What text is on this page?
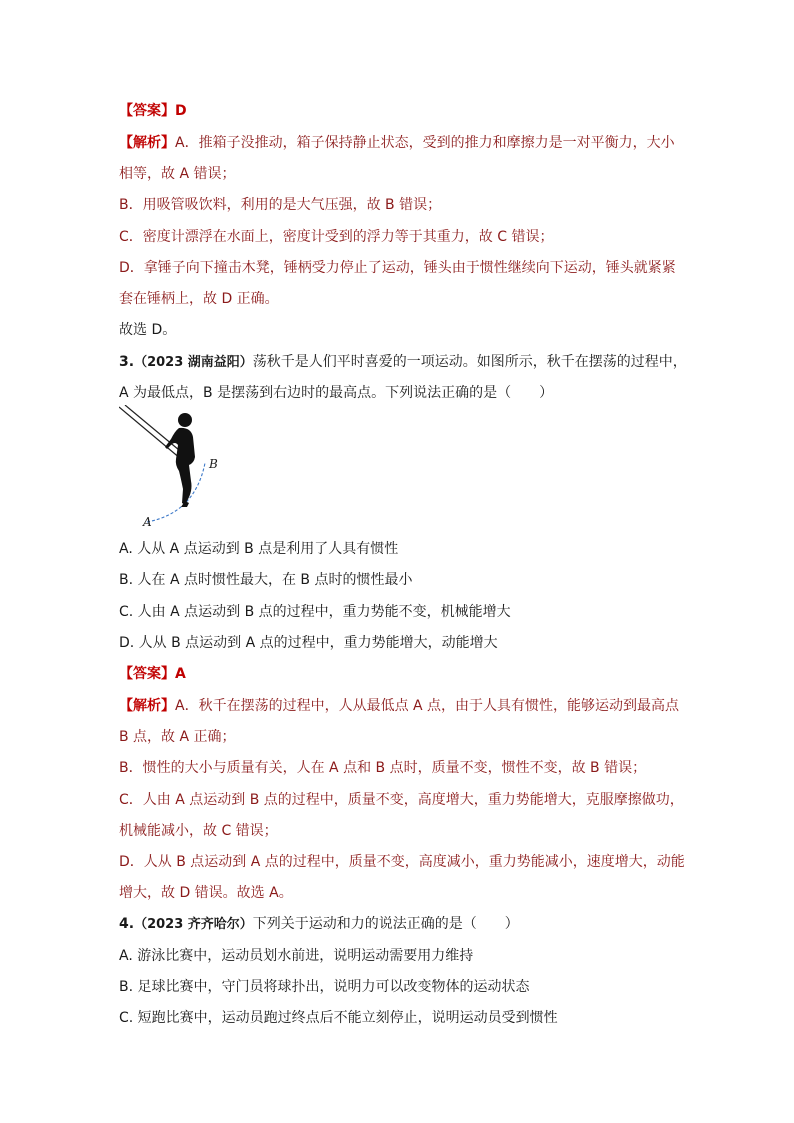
【答案】D
【解析】A．推箱子没推动，箱子保持静止状态，受到的推力和摩擦力是一对平衡力，大小
相等，故 A 错误；
B．用吸管吸饮料，利用的是大气压强，故 B 错误；
C．密度计漂浮在水面上，密度计受到的浮力等于其重力，故 C 错误；
D．拿锤子向下撞击木凳，锤柄受力停止了运动，锤头由于惯性继续向下运动，锤头就紧紧
套在锤柄上，故 D 正确。
故选 D。
3.（2023 湖南益阳）荡秋千是人们平时喜爱的一项运动。如图所示，秋千在摆荡的过程中，
A 为最低点，B 是摆荡到右边时的最高点。下列说法正确的是（　　）
B
A
A. 人从 A 点运动到 B 点是利用了人具有惯性
B. 人在 A 点时惯性最大，在 B 点时的惯性最小
C. 人由 A 点运动到 B 点的过程中，重力势能不变，机械能增大
D. 人从 B 点运动到 A 点的过程中，重力势能增大，动能增大
【答案】A
【解析】A．秋千在摆荡的过程中，人从最低点 A 点，由于人具有惯性，能够运动到最高点
B 点，故 A 正确；
B．惯性的大小与质量有关，人在 A 点和 B 点时，质量不变，惯性不变，故 B 错误；
C．人由 A 点运动到 B 点的过程中，质量不变，高度增大，重力势能增大，克服摩擦做功，
机械能减小，故 C 错误；
D．人从 B 点运动到 A 点的过程中，质量不变，高度减小，重力势能减小，速度增大，动能
增大，故 D 错误。故选 A。
4.（2023 齐齐哈尔）下列关于运动和力的说法正确的是（　　）
A. 游泳比赛中，运动员划水前进，说明运动需要用力维持
B. 足球比赛中，守门员将球扑出，说明力可以改变物体的运动状态
C. 短跑比赛中，运动员跑过终点后不能立刻停止，说明运动员受到惯性
